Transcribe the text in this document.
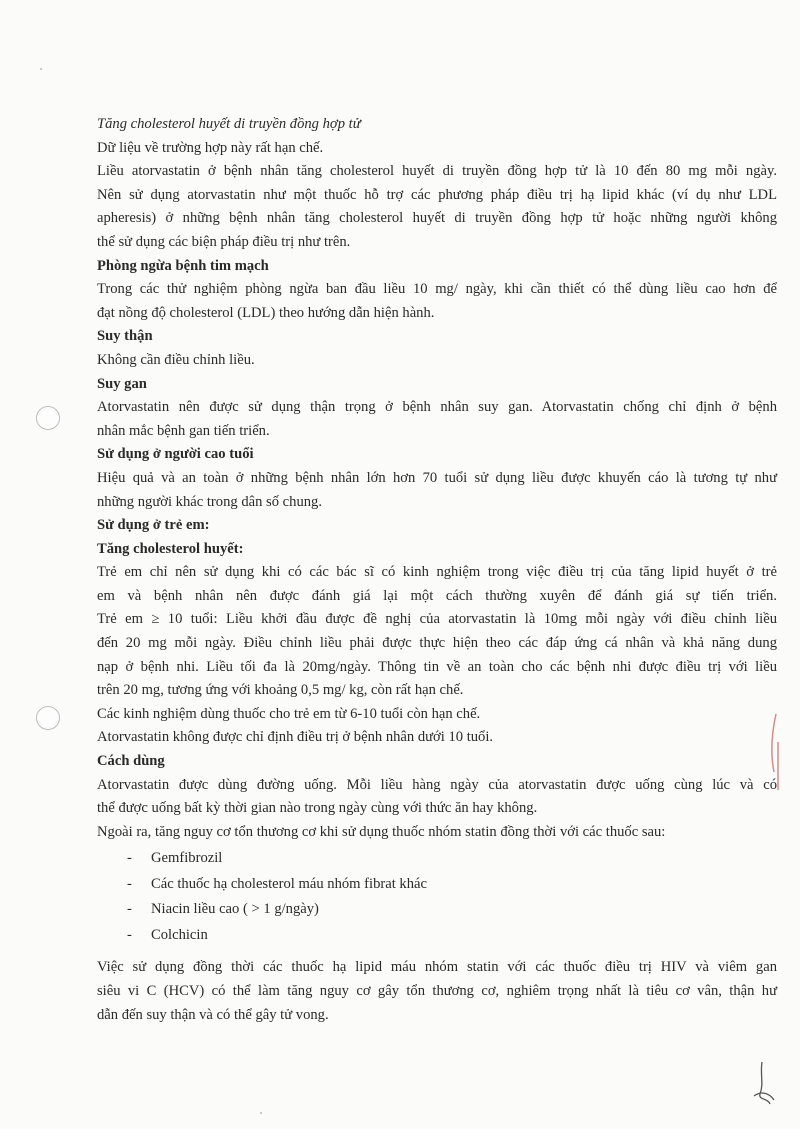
Tăng cholesterol huyết di truyền đồng hợp tử
Dữ liệu về trường hợp này rất hạn chế.
Liều atorvastatin ở bệnh nhân tăng cholesterol huyết di truyền đồng hợp tử là 10 đến 80 mg mỗi ngày.
Nên sử dụng atorvastatin như một thuốc hỗ trợ các phương pháp điều trị hạ lipid khác (ví dụ như LDL
apheresis) ở những bệnh nhân tăng cholesterol huyết di truyền đồng hợp tử hoặc những người không
thể sử dụng các biện pháp điều trị như trên.
Phòng ngừa bệnh tim mạch
Trong các thử nghiệm phòng ngừa ban đầu liều 10 mg/ ngày, khi cần thiết có thể dùng liều cao hơn để
đạt nồng độ cholesterol (LDL) theo hướng dẫn hiện hành.
Suy thận
Không cần điều chỉnh liều.
Suy gan
Atorvastatin nên được sử dụng thận trọng ở bệnh nhân suy gan. Atorvastatin chống chỉ định ở bệnh
nhân mắc bệnh gan tiến triển.
Sử dụng ở người cao tuổi
Hiệu quả và an toàn ở những bệnh nhân lớn hơn 70 tuổi sử dụng liều được khuyến cáo là tương tự như
những người khác trong dân số chung.
Sử dụng ở trẻ em:
Tăng cholesterol huyết:
Trẻ em chỉ nên sử dụng khi có các bác sĩ có kinh nghiệm trong việc điều trị của tăng lipid huyết ở trẻ
em và bệnh nhân nên được đánh giá lại một cách thường xuyên để đánh giá sự tiến triển.
Trẻ em ≥ 10 tuổi: Liều khởi đầu được đề nghị của atorvastatin là 10mg mỗi ngày với điều chỉnh liều
đến 20 mg mỗi ngày. Điều chỉnh liều phải được thực hiện theo các đáp ứng cá nhân và khả năng dung
nạp ở bệnh nhi. Liều tối đa là 20mg/ngày. Thông tin về an toàn cho các bệnh nhi được điều trị với liều
trên 20 mg, tương ứng với khoảng 0,5 mg/ kg, còn rất hạn chế.
Các kinh nghiệm dùng thuốc cho trẻ em từ 6-10 tuổi còn hạn chế.
Atorvastatin không được chỉ định điều trị ở bệnh nhân dưới 10 tuổi.
Cách dùng
Atorvastatin được dùng đường uống. Mỗi liều hàng ngày của atorvastatin được uống cùng lúc và có
thể được uống bất kỳ thời gian nào trong ngày cùng với thức ăn hay không.
Ngoài ra, tăng nguy cơ tổn thương cơ khi sử dụng thuốc nhóm statin đồng thời với các thuốc sau:
- Gemfibrozil
- Các thuốc hạ cholesterol máu nhóm fibrat khác
- Niacin liều cao ( > 1 g/ngày)
- Colchicin
Việc sử dụng đồng thời các thuốc hạ lipid máu nhóm statin với các thuốc điều trị HIV và viêm gan
siêu vi C (HCV) có thể làm tăng nguy cơ gây tổn thương cơ, nghiêm trọng nhất là tiêu cơ vân, thận hư
dẫn đến suy thận và có thể gây tử vong.
